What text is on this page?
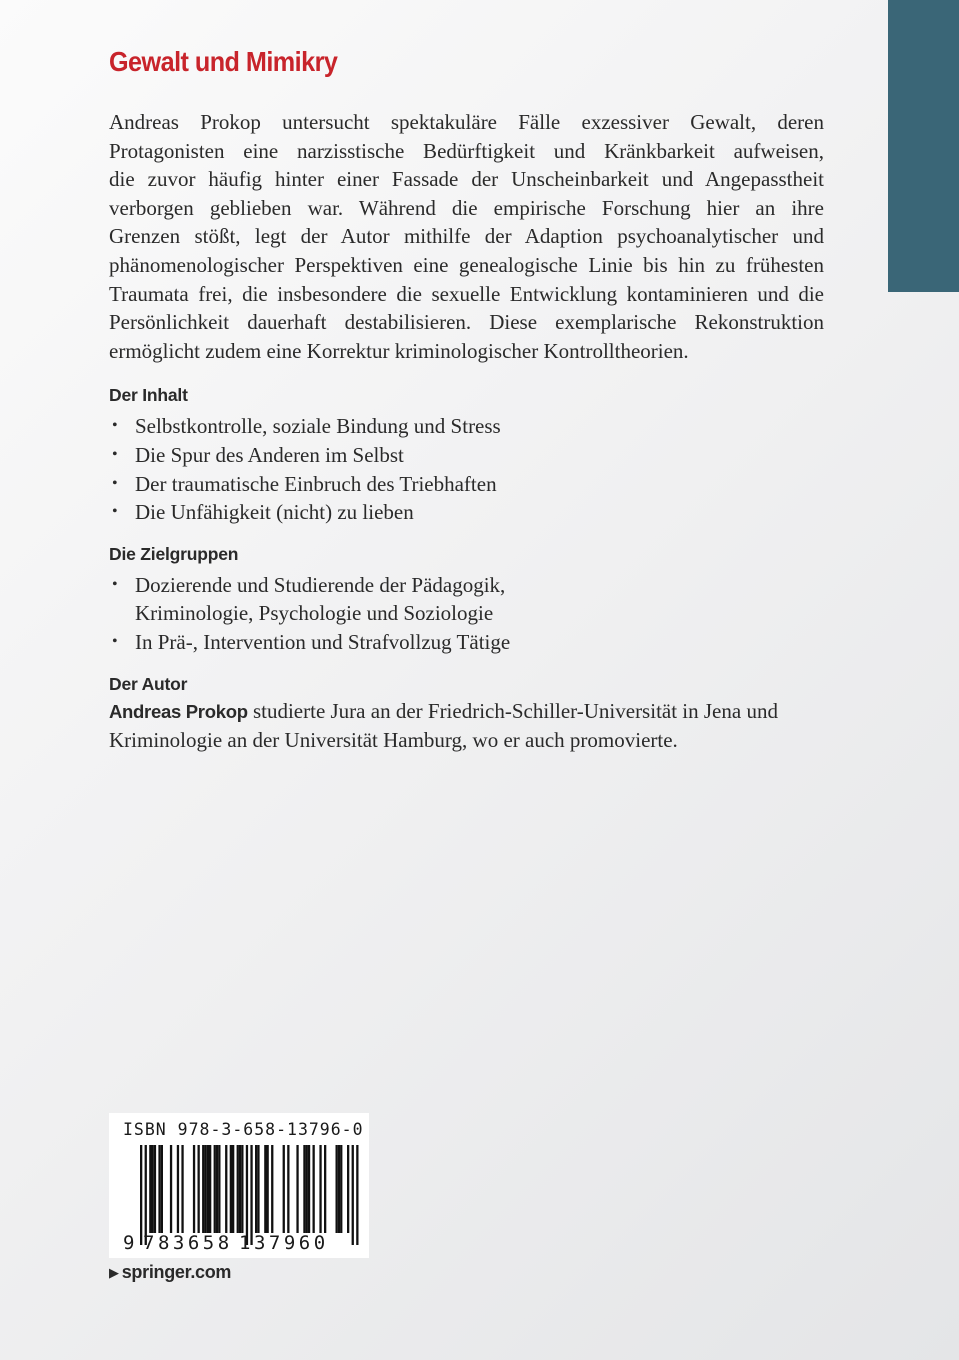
Gewalt und Mimikry
Andreas Prokop untersucht spektakuläre Fälle exzessiver Gewalt, deren
Protagonisten eine narzisstische Bedürftigkeit und Kränkbarkeit aufweisen,
die zuvor häufig hinter einer Fassade der Unscheinbarkeit und Angepasstheit
verborgen geblieben war. Während die empirische Forschung hier an ihre
Grenzen stößt, legt der Autor mithilfe der Adaption psychoanalytischer und
phänomenologischer Perspektiven eine genealogische Linie bis hin zu frühesten
Traumata frei, die insbesondere die sexuelle Entwicklung kontaminieren und die
Persönlichkeit dauerhaft destabilisieren. Diese exemplarische Rekonstruktion
ermöglicht zudem eine Korrektur kriminologischer Kontrolltheorien.
Der Inhalt
• Selbstkontrolle, soziale Bindung und Stress
• Die Spur des Anderen im Selbst
• Der traumatische Einbruch des Triebhaften
• Die Unfähigkeit (nicht) zu lieben
Die Zielgruppen
• Dozierende und Studierende der Pädagogik,
Kriminologie, Psychologie und Soziologie
• In Prä-, Intervention und Strafvollzug Tätige
Der Autor

Andreas Prokop studierte Jura an der Friedrich-Schiller-Universität in Jena und
Kriminologie an der Universität Hamburg, wo er auch promovierte.

ISBN 978-3-658-13796-0
9 783658 137960
▶ springer.com
